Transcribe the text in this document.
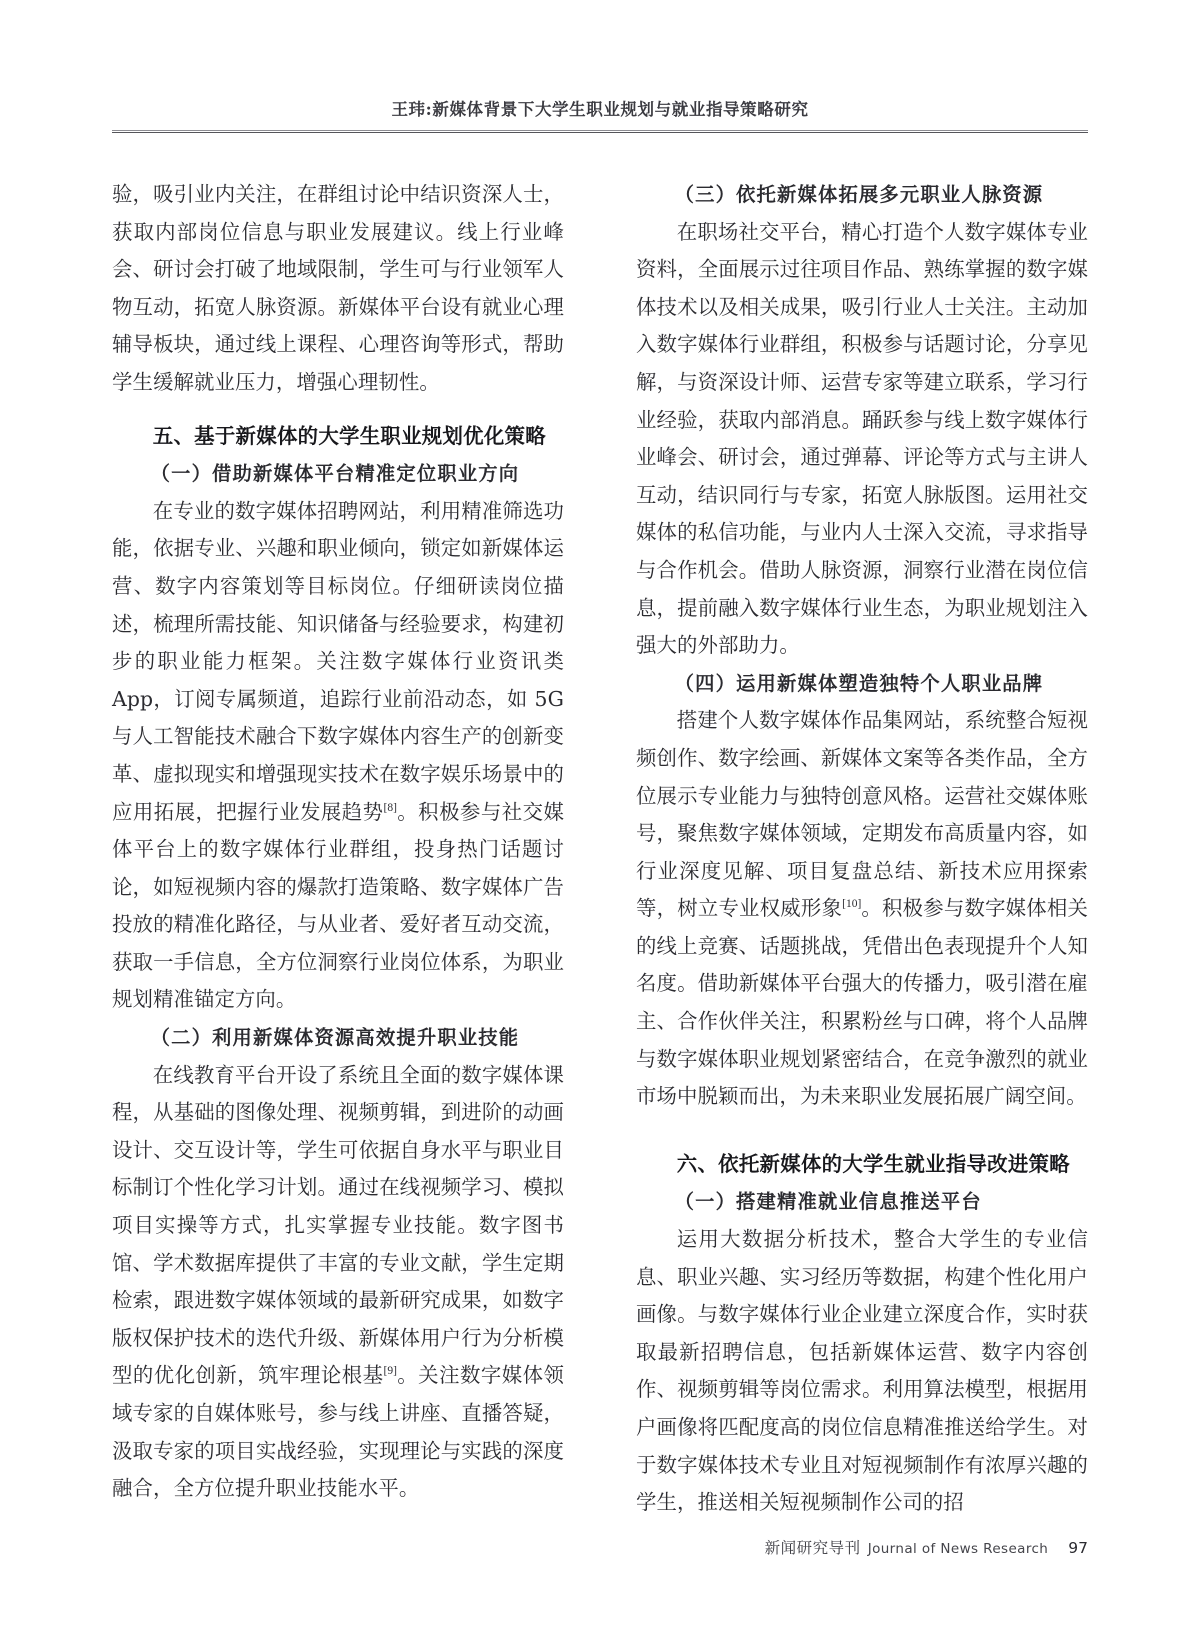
王玮:新媒体背景下大学生职业规划与就业指导策略研究

验，吸引业内关注，在群组讨论中结识资深人士，获取内部岗位信息与职业发展建议。线上行业峰会、研讨会打破了地域限制，学生可与行业领军人物互动，拓宽人脉资源。新媒体平台设有就业心理辅导板块，通过线上课程、心理咨询等形式，帮助学生缓解就业压力，增强心理韧性。

五、基于新媒体的大学生职业规划优化策略
（一）借助新媒体平台精准定位职业方向

在专业的数字媒体招聘网站，利用精准筛选功能，依据专业、兴趣和职业倾向，锁定如新媒体运营、数字内容策划等目标岗位。仔细研读岗位描述，梳理所需技能、知识储备与经验要求，构建初步的职业能力框架。关注数字媒体行业资讯类 App，订阅专属频道，追踪行业前沿动态，如 5G 与人工智能技术融合下数字媒体内容生产的创新变革、虚拟现实和增强现实技术在数字娱乐场景中的应用拓展，把握行业发展趋势[8]。积极参与社交媒体平台上的数字媒体行业群组，投身热门话题讨论，如短视频内容的爆款打造策略、数字媒体广告投放的精准化路径，与从业者、爱好者互动交流，获取一手信息，全方位洞察行业岗位体系，为职业规划精准锚定方向。

（二）利用新媒体资源高效提升职业技能

在线教育平台开设了系统且全面的数字媒体课程，从基础的图像处理、视频剪辑，到进阶的动画设计、交互设计等，学生可依据自身水平与职业目标制订个性化学习计划。通过在线视频学习、模拟项目实操等方式，扎实掌握专业技能。数字图书馆、学术数据库提供了丰富的专业文献，学生定期检索，跟进数字媒体领域的最新研究成果，如数字版权保护技术的迭代升级、新媒体用户行为分析模型的优化创新，筑牢理论根基[9]。关注数字媒体领域专家的自媒体账号，参与线上讲座、直播答疑，汲取专家的项目实战经验，实现理论与实践的深度融合，全方位提升职业技能水平。

（三）依托新媒体拓展多元职业人脉资源

在职场社交平台，精心打造个人数字媒体专业资料，全面展示过往项目作品、熟练掌握的数字媒体技术以及相关成果，吸引行业人士关注。主动加入数字媒体行业群组，积极参与话题讨论，分享见解，与资深设计师、运营专家等建立联系，学习行业经验，获取内部消息。踊跃参与线上数字媒体行业峰会、研讨会，通过弹幕、评论等方式与主讲人互动，结识同行与专家，拓宽人脉版图。运用社交媒体的私信功能，与业内人士深入交流，寻求指导与合作机会。借助人脉资源，洞察行业潜在岗位信息，提前融入数字媒体行业生态，为职业规划注入强大的外部助力。

（四）运用新媒体塑造独特个人职业品牌

搭建个人数字媒体作品集网站，系统整合短视频创作、数字绘画、新媒体文案等各类作品，全方位展示专业能力与独特创意风格。运营社交媒体账号，聚焦数字媒体领域，定期发布高质量内容，如行业深度见解、项目复盘总结、新技术应用探索等，树立专业权威形象[10]。积极参与数字媒体相关的线上竞赛、话题挑战，凭借出色表现提升个人知名度。借助新媒体平台强大的传播力，吸引潜在雇主、合作伙伴关注，积累粉丝与口碑，将个人品牌与数字媒体职业规划紧密结合，在竞争激烈的就业市场中脱颖而出，为未来职业发展拓展广阔空间。

六、依托新媒体的大学生就业指导改进策略
（一）搭建精准就业信息推送平台

运用大数据分析技术，整合大学生的专业信息、职业兴趣、实习经历等数据，构建个性化用户画像。与数字媒体行业企业建立深度合作，实时获取最新招聘信息，包括新媒体运营、数字内容创作、视频剪辑等岗位需求。利用算法模型，根据用户画像将匹配度高的岗位信息精准推送给学生。对于数字媒体技术专业且对短视频制作有浓厚兴趣的学生，推送相关短视频制作公司的招

新闻研究导刊 Journal of News Research 97
